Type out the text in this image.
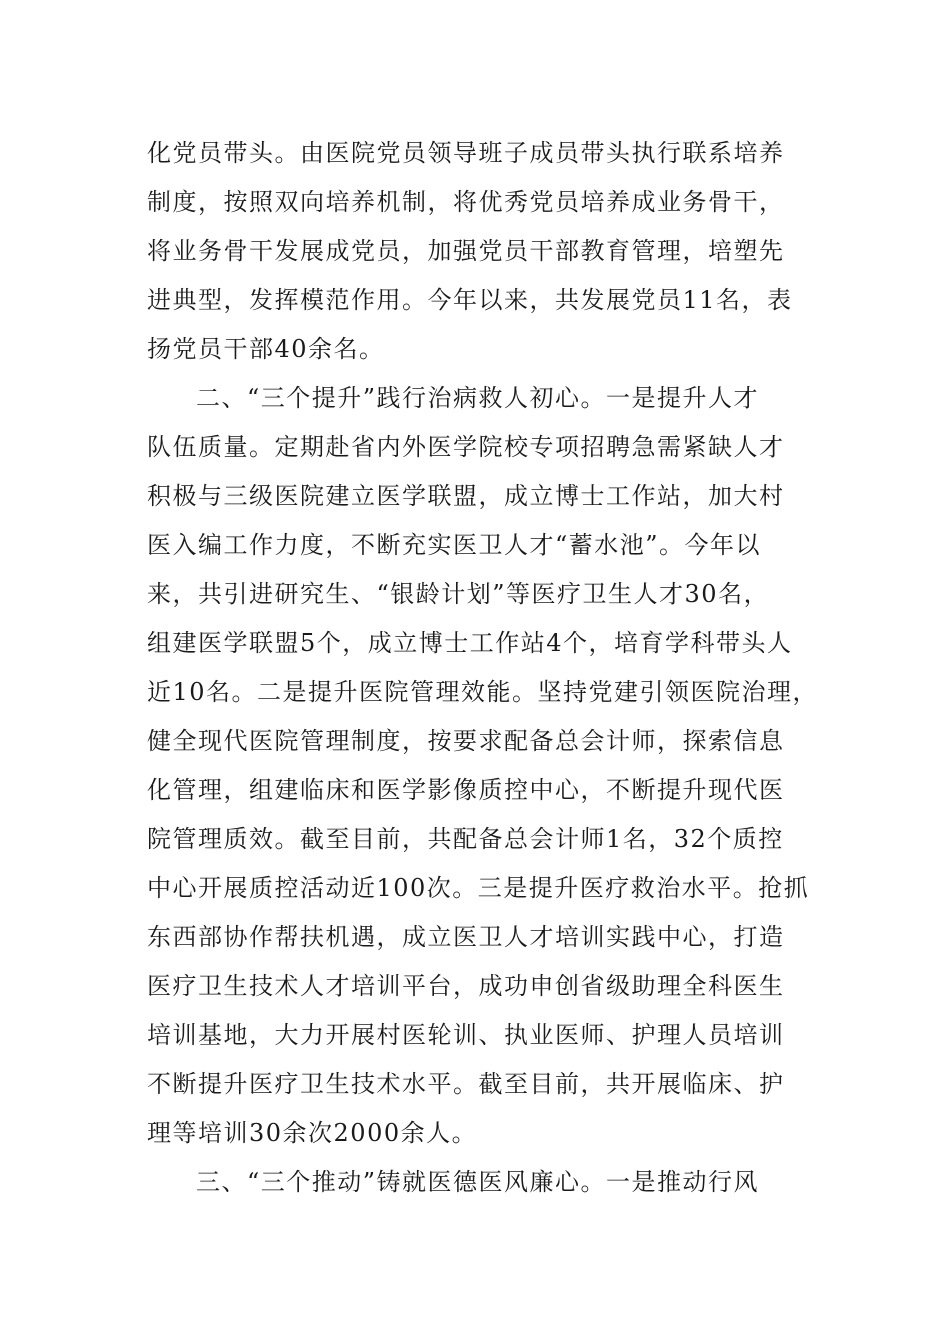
化党员带头。由医院党员领导班子成员带头执行联系培养

制度，按照双向培养机制，将优秀党员培养成业务骨干，

将业务骨干发展成党员，加强党员干部教育管理，培塑先

进典型，发挥模范作用。今年以来，共发展党员11名，表

扬党员干部40余名。

二、“三个提升”践行治病救人初心。一是提升人才

队伍质量。定期赴省内外医学院校专项招聘急需紧缺人才

积极与三级医院建立医学联盟，成立博士工作站，加大村

医入编工作力度，不断充实医卫人才“蓄水池”。今年以

来，共引进研究生、“银龄计划”等医疗卫生人才30名，

组建医学联盟5个，成立博士工作站4个，培育学科带头人

近10名。二是提升医院管理效能。坚持党建引领医院治理，

健全现代医院管理制度，按要求配备总会计师，探索信息

化管理，组建临床和医学影像质控中心，不断提升现代医

院管理质效。截至目前，共配备总会计师1名，32个质控

中心开展质控活动近100次。三是提升医疗救治水平。抢抓

东西部协作帮扶机遇，成立医卫人才培训实践中心，打造

医疗卫生技术人才培训平台，成功申创省级助理全科医生

培训基地，大力开展村医轮训、执业医师、护理人员培训

不断提升医疗卫生技术水平。截至目前，共开展临床、护

理等培训30余次2000余人。

三、“三个推动”铸就医德医风廉心。一是推动行风
